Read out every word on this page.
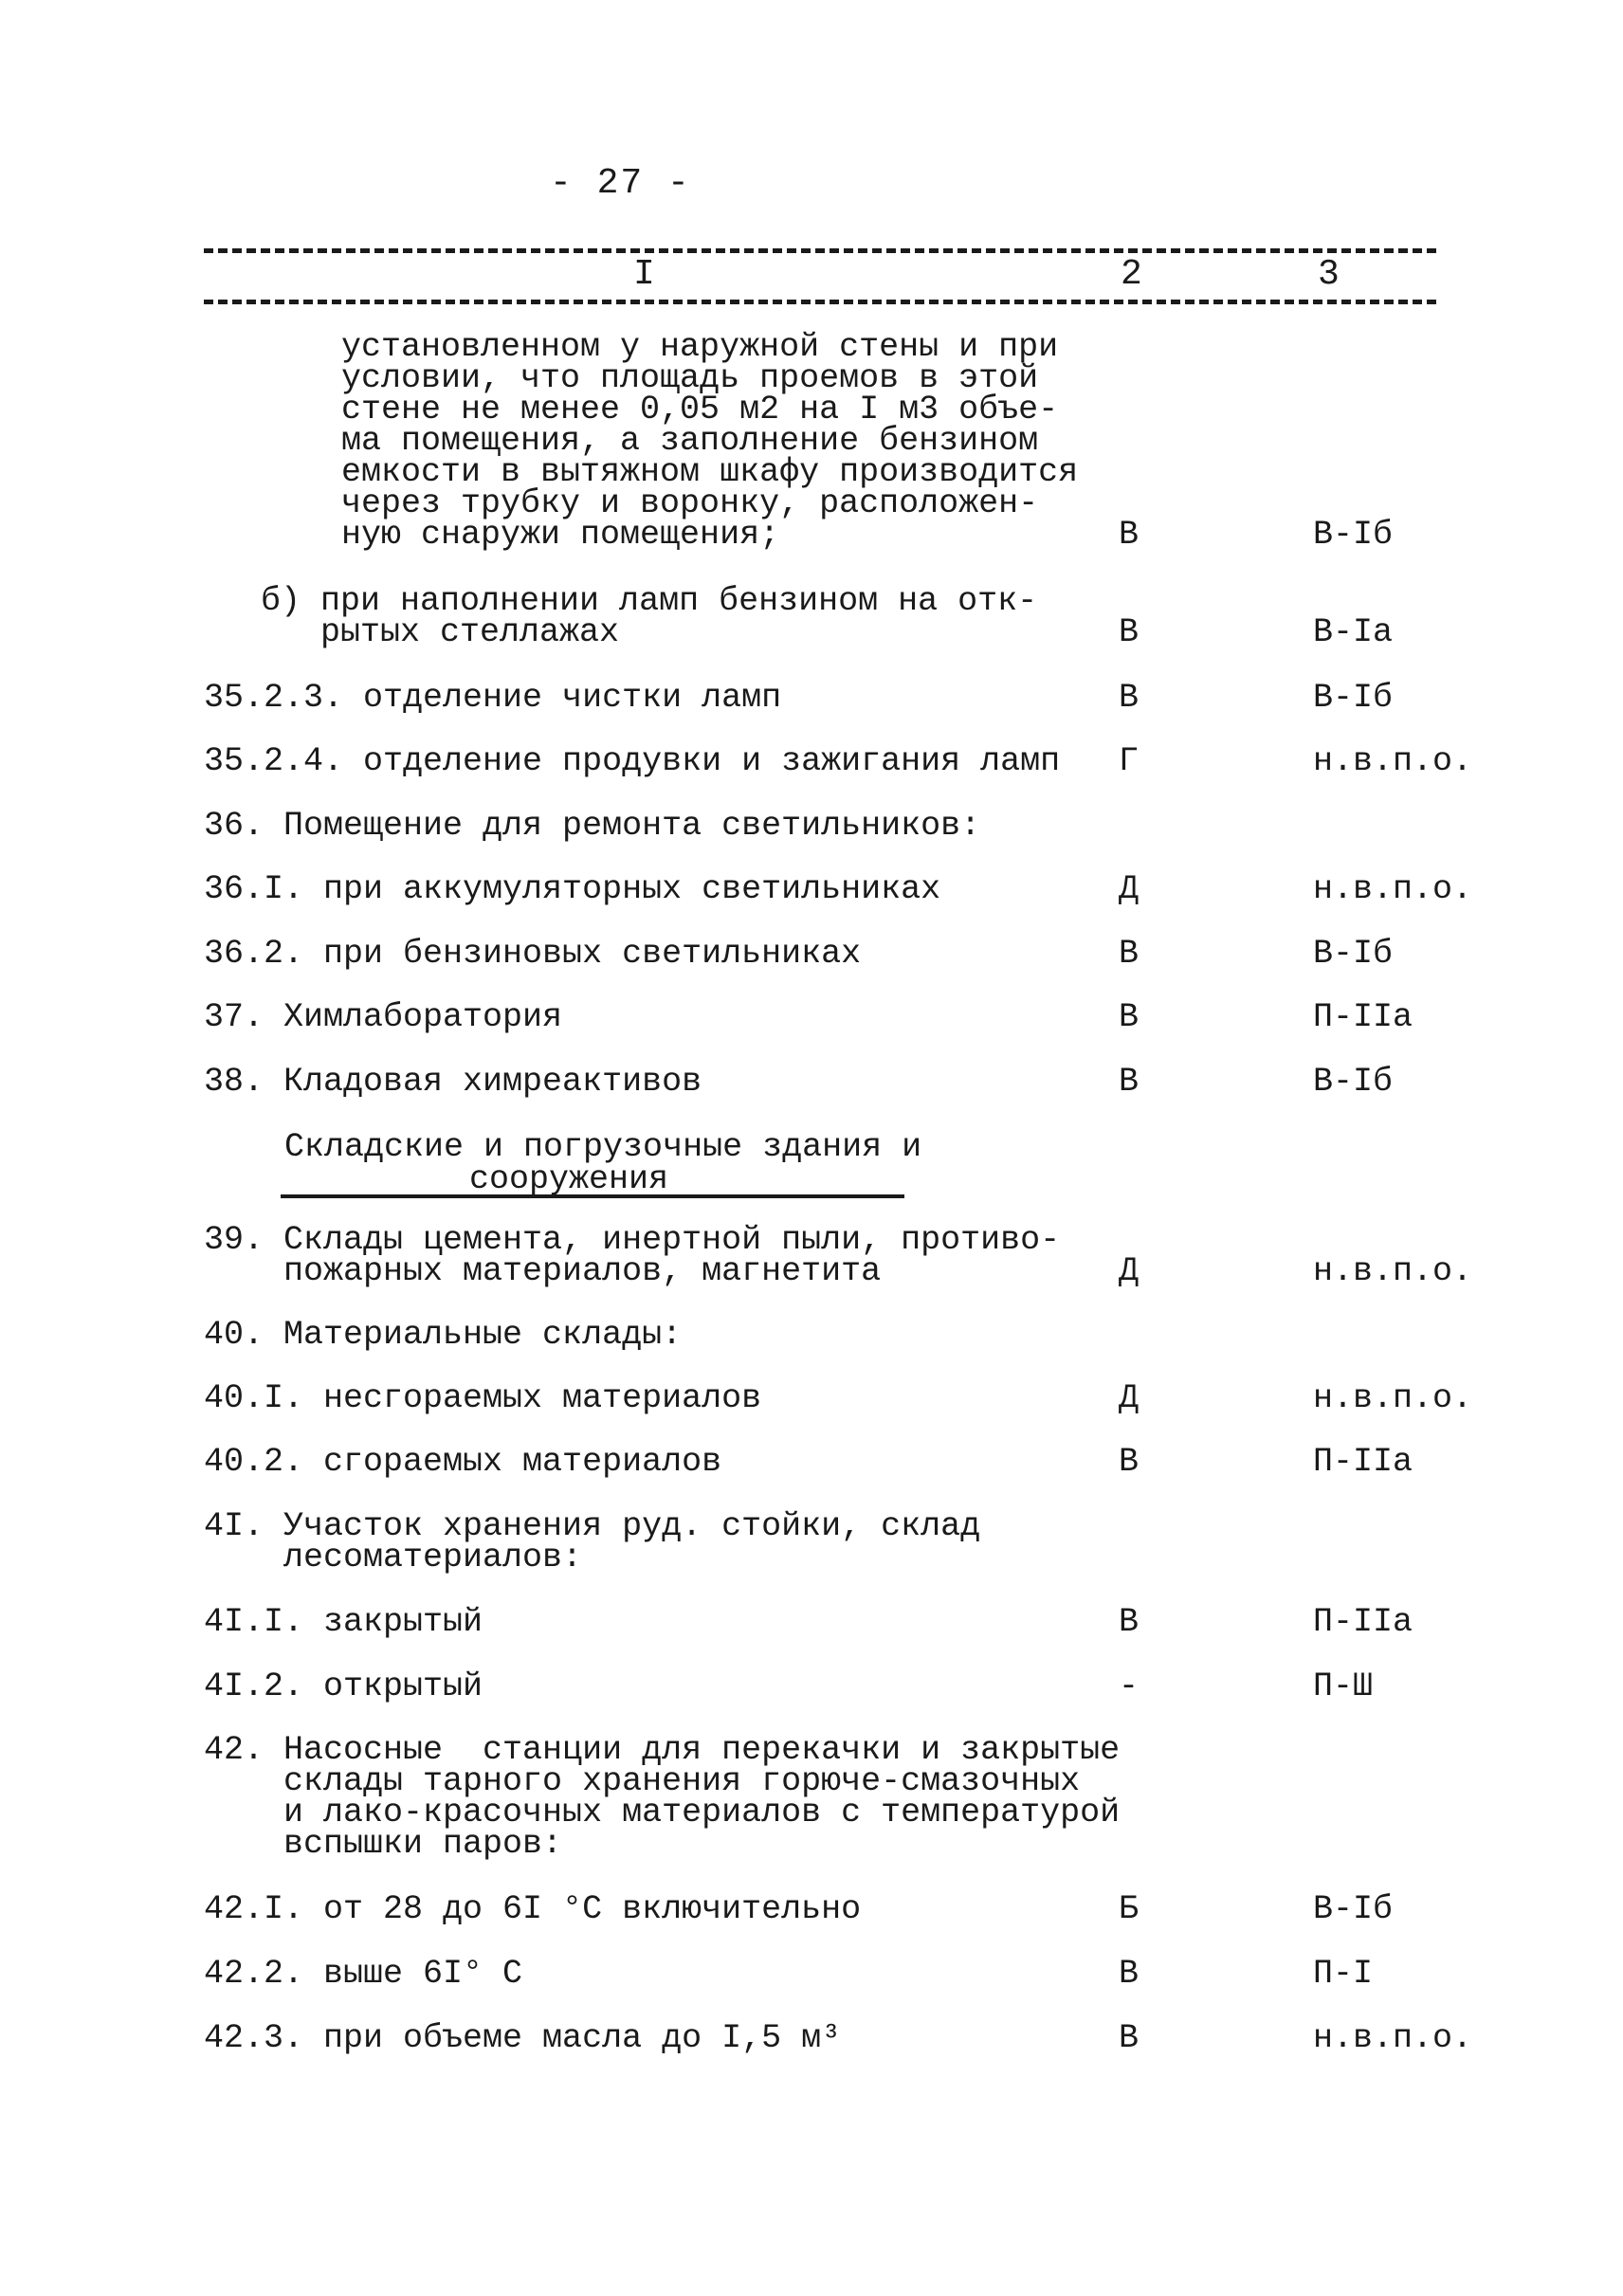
- 27 -
I	2	3
установленном у наружной стены и при
условии, что площадь проемов в этой
стене не менее 0,05 м2 на I м3 объе-
ма помещения, а заполнение бензином
емкости в вытяжном шкафу производится
через трубку и воронку, расположен-
ную снаружи помещения;	В	В-Iб
б) при наполнении ламп бензином на отк-
рытых стеллажах	В	В-Iа
35.2.3. отделение чистки ламп	В	В-Iб
35.2.4. отделение продувки и зажигания ламп Г	н.в.п.о.
36. Помещение для ремонта светильников:
36.I. при аккумуляторных светильниках	Д	н.в.п.о.
36.2. при бензиновых светильниках	В	В-Iб
37. Химлаборатория	В	П-IIа
38. Кладовая химреактивов	В	В-Iб
Складские и погрузочные здания и
сооружения
39. Склады цемента, инертной пыли, противо-
пожарных материалов, магнетита	Д	н.в.п.о.
40. Материальные склады:
40.I. несгораемых материалов	Д	н.в.п.о.
40.2. сгораемых материалов	В	П-IIа
4I. Участок хранения руд. стойки, склад
лесоматериалов:
4I.I. закрытый	В	П-IIа
4I.2. открытый	-	П-Ш
42. Насосные  станции для перекачки и закрытые
склады тарного хранения горюче-смазочных
и лако-красочных материалов с температурой
вспышки паров:
42.I. от 28 до 6I °С включительно	Б	В-Iб
42.2. выше 6I° С	В	П-I
42.3. при объеме масла до I,5 м³	В	н.в.п.о.
